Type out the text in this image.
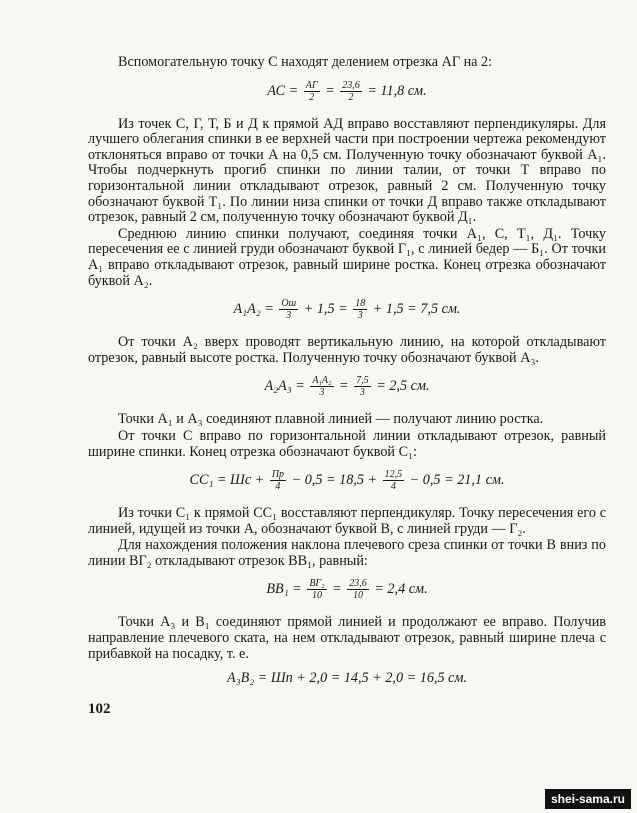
Вспомогательную точку С находят делением отрезка АГ на 2:

АС = АГ
$2 = \frac{23,6}{2} = 11,8$ см.

Из точек С, Г, Т, Б и Д к прямой АД вправо восставляют перпендикуляры. Для лучшего облегания спинки в ее верхней части при построении чертежа рекомендуют отклоняться вправо от точки А на 0,5 см. Полученную точку обозначают буквой А₁. Чтобы подчеркнуть прогиб спинки по линии талии, от точки Т вправо по горизонтальной линии откладывают отрезок, равный 2 см. Полученную точку обозначают буквой Т₁. По линии низа спинки от точки Д вправо также откладывают отрезок, равный 2 см, полученную точку обозначают буквой Д₁.

Среднюю линию спинки получают, соединяя точки А₁, С, Т₁, Д₁. Точку пересечения ее с линией груди обозначают буквой Г₁, с линией бедер — Б₁. От точки А₁ вправо откладывают отрезок, равный ширине ростка. Конец отрезка обозначают буквой А₂.

А₁А₂ = Ош
$3 + 1,5 = \frac{18}{3} + 1,5 = 7,5$ см.

От точки А₂ вверх проводят вертикальную линию, на которой откладывают отрезок, равный высоте ростка. Полученную точку обозначают буквой А₃.

А₂А₃ = А₁А₂
3	= $\frac{7,5}{3} = 2,5$ см.

Точки А₁ и А₃ соединяют плавной линией — получают линию ростка.

От точки С вправо по горизонтальной линии откладывают отрезок, равный ширине спинки. Конец отрезка обозначают буквой С₁:

СС₁ = Шс + Пр
$4 - 0,5 = 18,5 + \frac{12,5}{4} - 0,5 = 21,1$ см.

Из точки С₁ к прямой СС₁ восставляют перпендикуляр. Точку пересечения его с линией, идущей из точки А, обозначают буквой В, с линией груди — Г₂.

Для нахождения положения наклона плечевого среза спинки от точки В вниз по линии ВГ₂ откладывают отрезок ВВ₁, равный:

ВВ₁ = ВГ₂
$10 = \frac{23,6}{10} = 2,4$ см.

Точки А₃ и В₁ соединяют прямой линией и продолжают ее вправо. Получив направление плечевого ската, на нем откладывают отрезок, равный ширине плеча с прибавкой на посадку, т. е.

А₃В₂ = Шп + 2,0 = 14,5 + 2,0 = 16,5 см.
102
shei-sama.ru
